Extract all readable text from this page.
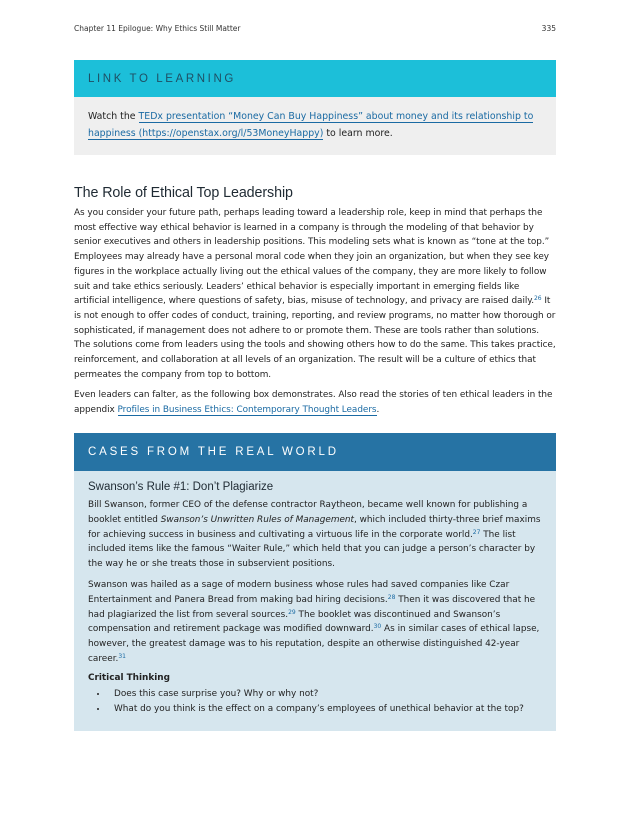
Chapter 11 Epilogue: Why Ethics Still Matter	335
LINK TO LEARNING
Watch the TEDx presentation “Money Can Buy Happiness” about money and its relationship to happiness (https://openstax.org/l/53MoneyHappy) to learn more.
The Role of Ethical Top Leadership

As you consider your future path, perhaps leading toward a leadership role, keep in mind that perhaps the most effective way ethical behavior is learned in a company is through the modeling of that behavior by senior executives and others in leadership positions. This modeling sets what is known as “tone at the top.” Employees may already have a personal moral code when they join an organization, but when they see key figures in the workplace actually living out the ethical values of the company, they are more likely to follow suit and take ethics seriously. Leaders’ ethical behavior is especially important in emerging fields like artificial intelligence, where questions of safety, bias, misuse of technology, and privacy are raised daily.$^{26}$ It is not enough to offer codes of conduct, training, reporting, and review programs, no matter how thorough or sophisticated, if management does not adhere to or promote them. These are tools rather than solutions. The solutions come from leaders using the tools and showing others how to do the same. This takes practice, reinforcement, and collaboration at all levels of an organization. The result will be a culture of ethics that permeates the company from top to bottom.

Even leaders can falter, as the following box demonstrates. Also read the stories of ten ethical leaders in the appendix Profiles in Business Ethics: Contemporary Thought Leaders.

CASES FROM THE REAL WORLD
Swanson’s Rule #1: Don’t Plagiarize

Bill Swanson, former CEO of the defense contractor Raytheon, became well known for publishing a booklet entitled Swanson’s Unwritten Rules of Management, which included thirty-three brief maxims for achieving success in business and cultivating a virtuous life in the corporate world.$^{27}$ The list included items like the famous “Waiter Rule,” which held that you can judge a person’s character by the way he or she treats those in subservient positions.

Swanson was hailed as a sage of modern business whose rules had saved companies like Czar Entertainment and Panera Bread from making bad hiring decisions.$^{28}$ Then it was discovered that he had plagiarized the list from several sources.$^{29}$ The booklet was discontinued and Swanson’s compensation and retirement package was modified downward.$^{30}$ As in similar cases of ethical lapse, however, the greatest damage was to his reputation, despite an otherwise distinguished 42-year career.$^{31}$

Critical Thinking
• Does this case surprise you? Why or why not?
• What do you think is the effect on a company’s employees of unethical behavior at the top?
